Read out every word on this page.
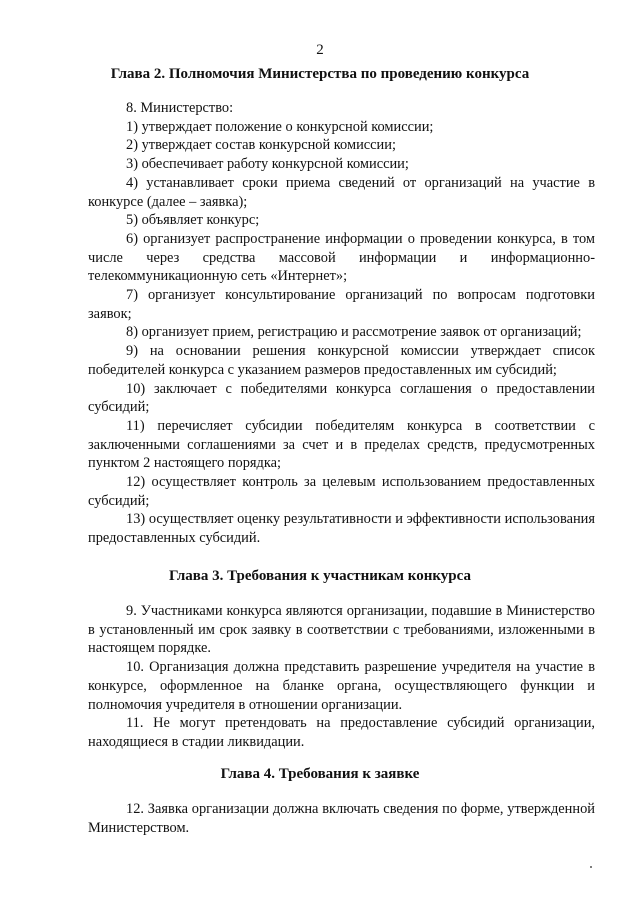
2
Глава 2. Полномочия Министерства по проведению конкурса

8. Министерство:

1) утверждает положение о конкурсной комиссии;

2) утверждает состав конкурсной комиссии;

3) обеспечивает работу конкурсной комиссии;

4) устанавливает сроки приема сведений от организаций на участие в конкурсе (далее – заявка);

5) объявляет конкурс;

6) организует распространение информации о проведении конкурса, в том числе через средства массовой информации и информационно-телекоммуникационную сеть «Интернет»;

7) организует консультирование организаций по вопросам подготовки заявок;

8) организует прием, регистрацию и рассмотрение заявок от организаций;

9) на основании решения конкурсной комиссии утверждает список победителей конкурса с указанием размеров предоставленных им субсидий;

10) заключает с победителями конкурса соглашения о предоставлении субсидий;

11) перечисляет субсидии победителям конкурса в соответствии с заключенными соглашениями за счет и в пределах средств, предусмотренных пунктом 2 настоящего порядка;

12) осуществляет контроль за целевым использованием предоставленных субсидий;

13) осуществляет оценку результативности и эффективности использования предоставленных субсидий.

Глава 3. Требования к участникам конкурса

9. Участниками конкурса являются организации, подавшие в Министерство в установленный им срок заявку в соответствии с требованиями, изложенными в настоящем порядке.

10. Организация должна представить разрешение учредителя на участие в конкурсе, оформленное на бланке органа, осуществляющего функции и полномочия учредителя в отношении организации.

11. Не могут претендовать на предоставление субсидий организации, находящиеся в стадии ликвидации.

Глава 4. Требования к заявке

12. Заявка организации должна включать сведения по форме, утвержденной Министерством.
